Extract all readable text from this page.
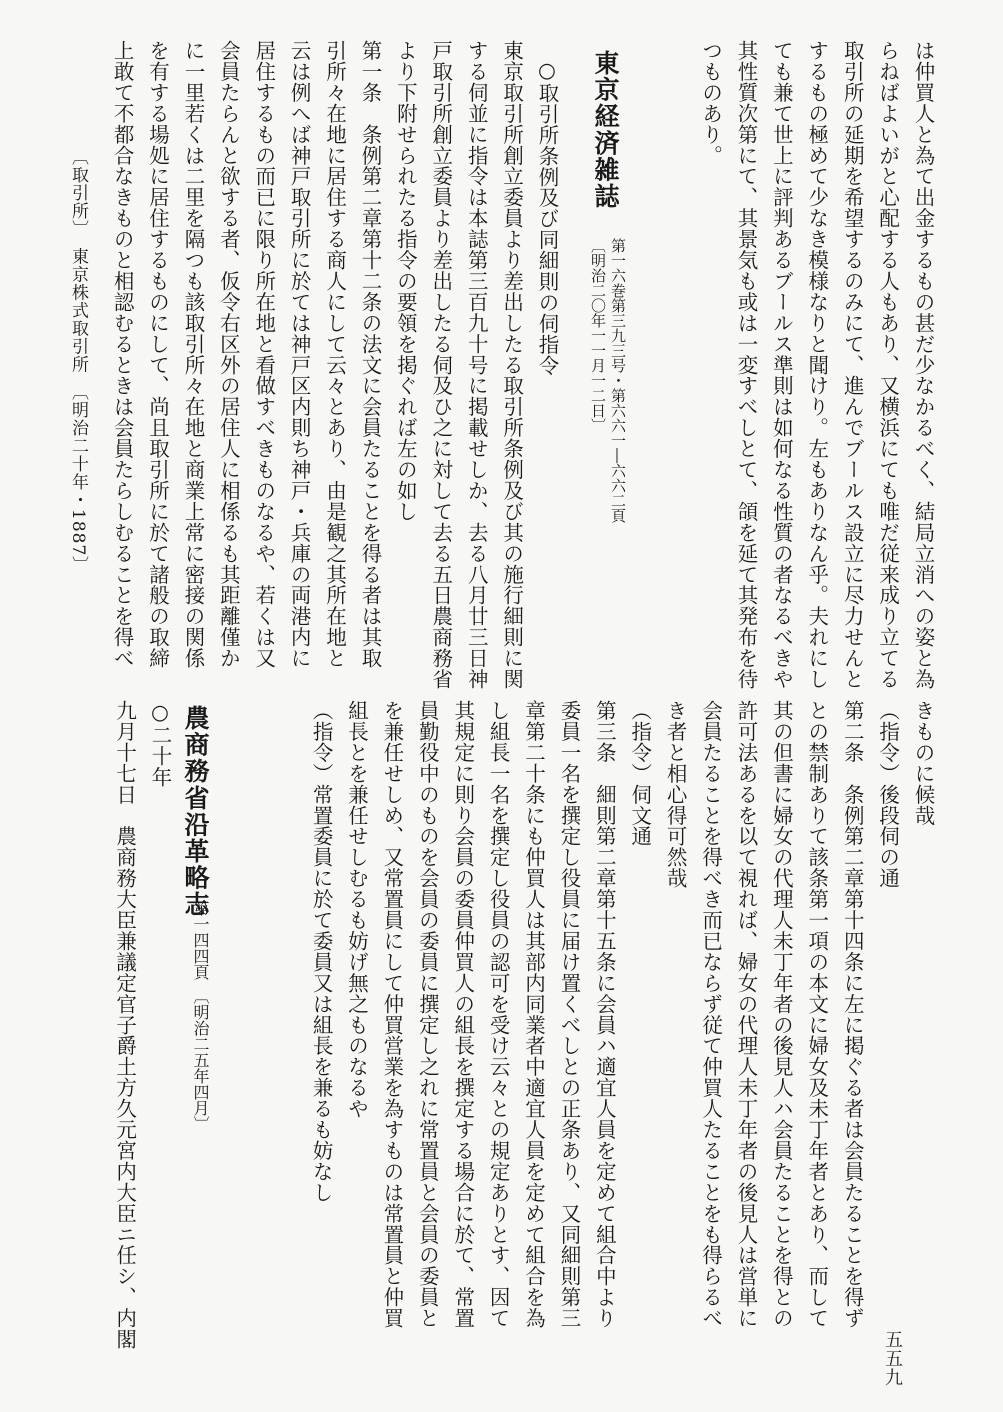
は仲買人と為て出金するもの甚だ少なかるべく、結局立消への姿と為
らねばよいがと心配する人もあり、又横浜にても唯だ従来成り立てる
取引所の延期を希望するのみにて、進んでブールス設立に尽力せんと
するもの極めて少なき模様なりと聞けり。左もありなん乎。夫れにし
ても兼て世上に評判あるブールス準則は如何なる性質の者なるべきや
其性質次第にて、其景気も或は一変すべしとて、頜を延て其発布を待
つものあり。
東京経済雑誌
第一六巻第三九三号・第六六一―六六二頁
〔明治二〇年一一月一二日〕
○取引所条例及び同細則の伺指令
東京取引所創立委員より差出したる取引所条例及び其の施行細則に関
する伺並に指令は本誌第三百九十号に掲載せしか、去る八月廿三日神
戸取引所創立委員より差出したる伺及ひ之に対して去る五日農商務省
より下附せられたる指令の要領を掲ぐれば左の如し
第一条　条例第二章第十二条の法文に会員たることを得る者は其取
引所々在地に居住する商人にして云々とあり、由是観之其所在地と
云は例へば神戸取引所に於ては神戸区内則ち神戸・兵庫の両港内に
居住するもの而已に限り所在地と看做すべきものなるや、若くは又
会員たらんと欲する者、仮令右区外の居住人に相係るも其距離僅か
に一里若くは二里を隔つも該取引所々在地と商業上常に密接の関係
を有する場処に居住するものにして、尚且取引所に於て諸般の取締
上敢て不都合なきものと相認むるときは会員たらしむることを得べ
〔取引所〕　東京株式取引所　〔明治二十年・1887〕
きものに候哉
（指令）後段伺の通
第二条　条例第二章第十四条に左に掲ぐる者は会員たることを得ず
との禁制ありて該条第一項の本文に婦女及未丁年者とあり、而して
其の但書に婦女の代理人未丁年者の後見人ハ会員たることを得との
許可法あるを以て視れば、婦女の代理人未丁年者の後見人は営単に
会員たることを得べき而已ならず従て仲買人たることをも得らるべ
き者と相心得可然哉
（指令）伺文通
第三条　細則第二章第十五条に会員ハ適宜人員を定めて組合中より
委員一名を撰定し役員に届け置くべしとの正条あり、又同細則第三
章第二十条にも仲買人は其部内同業者中適宜人員を定めて組合を為
し組長一名を撰定し役員の認可を受け云々との規定ありとす、因て
其規定に則り会員の委員仲買人の組長を撰定する場合に於て、常置
員勤役中のものを会員の委員に撰定し之れに常置員と会員の委員と
を兼任せしめ、又常置員にして仲買営業を為すものは常置員と仲買
組長とを兼任せしむるも妨げ無之ものなるや
（指令）常置委員に於て委員又は組長を兼るも妨なし
農商務省沿革略志
第一四四頁　〔明治二五年四月〕
○二十年
九月十七日　農商務大臣兼議定官子爵土方久元宮内大臣ニ任シ、内閣
五五九
